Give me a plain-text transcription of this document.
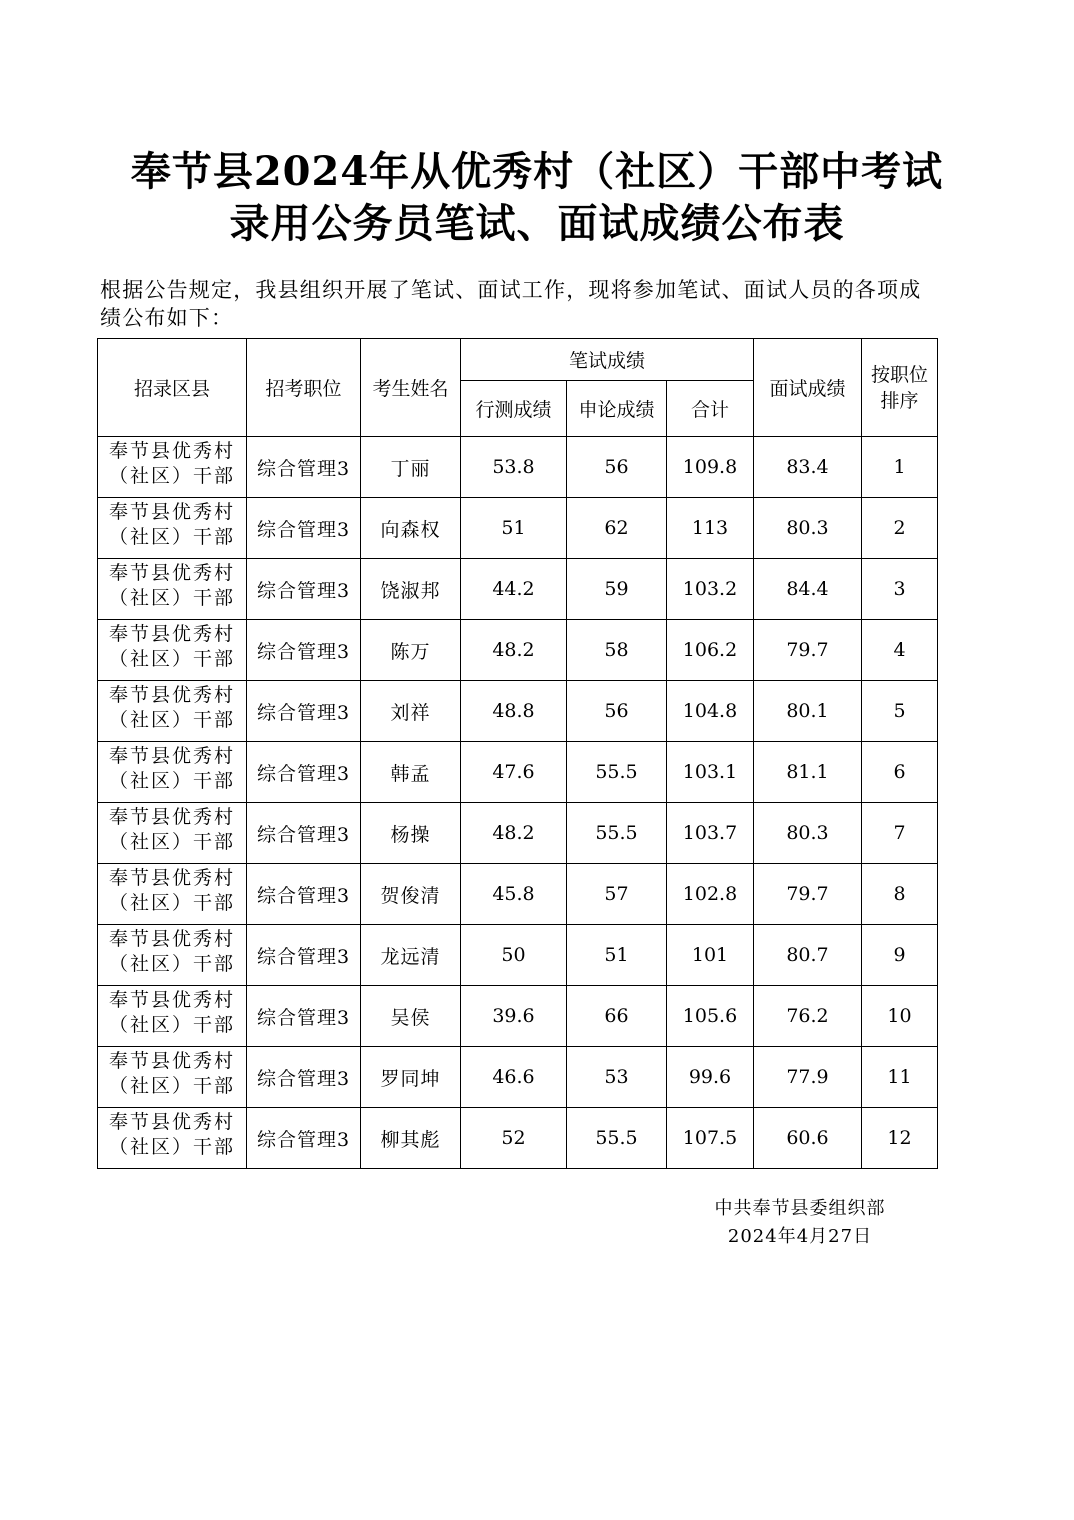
奉节县2024年从优秀村（社区）干部中考试
录用公务员笔试、面试成绩公布表
根据公告规定，我县组织开展了笔试、面试工作，现将参加笔试、面试人员的各项成绩公布如下：
招录区县	招考职位	考生姓名	笔试成绩			面试成绩	按职位排序
			行测成绩	申论成绩	合计		

奉节县优秀村（社区）干部	综合管理3	丁丽	53.8	56	109.8	83.4	1

奉节县优秀村（社区）干部	综合管理3	向森权	51	62	113	80.3	2

奉节县优秀村（社区）干部	综合管理3	饶淑邦	44.2	59	103.2	84.4	3

奉节县优秀村（社区）干部	综合管理3	陈万	48.2	58	106.2	79.7	4

奉节县优秀村（社区）干部	综合管理3	刘祥	48.8	56	104.8	80.1	5

奉节县优秀村（社区）干部	综合管理3	韩孟	47.6	55.5	103.1	81.1	6

奉节县优秀村（社区）干部	综合管理3	杨操	48.2	55.5	103.7	80.3	7

奉节县优秀村（社区）干部	综合管理3	贺俊清	45.8	57	102.8	79.7	8

奉节县优秀村（社区）干部	综合管理3	龙远清	50	51	101	80.7	9

奉节县优秀村（社区）干部	综合管理3	吴侯	39.6	66	105.6	76.2	10

奉节县优秀村（社区）干部	综合管理3	罗同坤	46.6	53	99.6	77.9	11

奉节县优秀村（社区）干部	综合管理3	柳其彪	52	55.5	107.5	60.6	12
中共奉节县委组织部
2024年4月27日
